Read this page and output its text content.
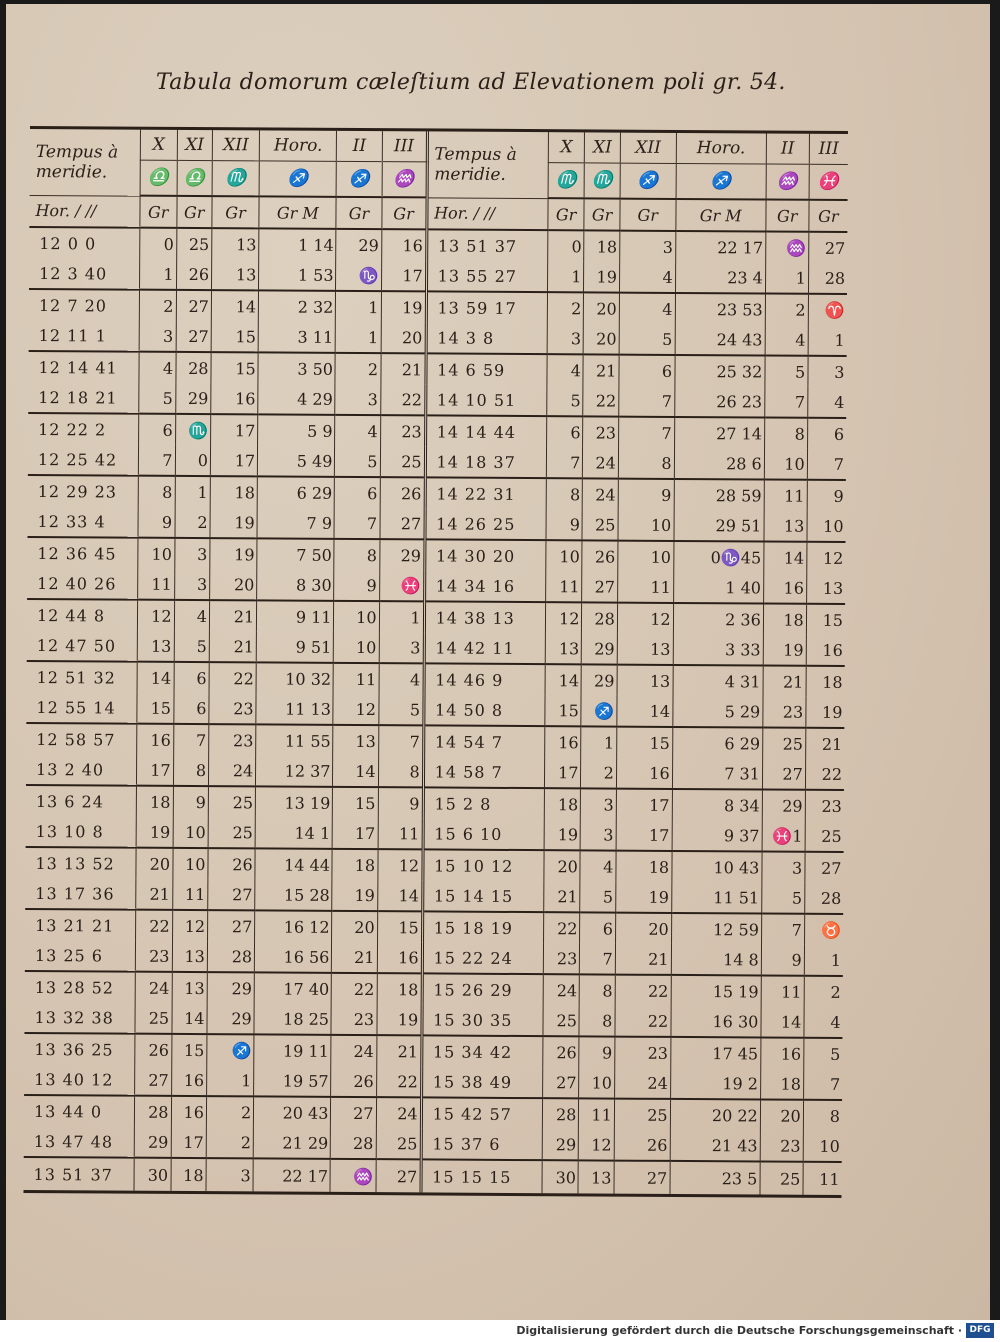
Tabula domorum cæleſtium ad Elevationem poli gr. 54.
Tempus à
meridie.	X	XI	XII	Horo.	II	III	Tempus à
meridie.	X	XI	XII	Horo.	II	III
	♎	♎	♏	♐	♐	♒		♏	♏	♐	♐	♒	♓
Hor. / //	Gr	Gr	Gr	Gr M	Gr	Gr	Hor. / //	Gr	Gr	Gr	Gr M	Gr	Gr
12 0 0	0	25	13	1 14	29	16	13 51 37	0	18	3	22 17	♒	27
12 3 40	1	26	13	1 53	♑	17	13 55 27	1	19	4	23 4	1	28
12 7 20	2	27	14	2 32	1	19	13 59 17	2	20	4	23 53	2	♈
12 11 1	3	27	15	3 11	1	20	14 3 8	3	20	5	24 43	4	1
12 14 41	4	28	15	3 50	2	21	14 6 59	4	21	6	25 32	5	3
12 18 21	5	29	16	4 29	3	22	14 10 51	5	22	7	26 23	7	4
12 22 2	6	♏	17	5 9	4	23	14 14 44	6	23	7	27 14	8	6
12 25 42	7	0	17	5 49	5	25	14 18 37	7	24	8	28 6	10	7
12 29 23	8	1	18	6 29	6	26	14 22 31	8	24	9	28 59	11	9
12 33 4	9	2	19	7 9	7	27	14 26 25	9	25	10	29 51	13	10
12 36 45	10	3	19	7 50	8	29	14 30 20	10	26	10	0♑45	14	12
12 40 26	11	3	20	8 30	9	♓	14 34 16	11	27	11	1 40	16	13
12 44 8	12	4	21	9 11	10	1	14 38 13	12	28	12	2 36	18	15
12 47 50	13	5	21	9 51	10	3	14 42 11	13	29	13	3 33	19	16
12 51 32	14	6	22	10 32	11	4	14 46 9	14	29	13	4 31	21	18
12 55 14	15	6	23	11 13	12	5	14 50 8	15	♐	14	5 29	23	19
12 58 57	16	7	23	11 55	13	7	14 54 7	16	1	15	6 29	25	21
13 2 40	17	8	24	12 37	14	8	14 58 7	17	2	16	7 31	27	22
13 6 24	18	9	25	13 19	15	9	15 2 8	18	3	17	8 34	29	23
13 10 8	19	10	25	14 1	17	11	15 6 10	19	3	17	9 37	♓1	25
13 13 52	20	10	26	14 44	18	12	15 10 12	20	4	18	10 43	3	27
13 17 36	21	11	27	15 28	19	14	15 14 15	21	5	19	11 51	5	28
13 21 21	22	12	27	16 12	20	15	15 18 19	22	6	20	12 59	7	♉
13 25 6	23	13	28	16 56	21	16	15 22 24	23	7	21	14 8	9	1
13 28 52	24	13	29	17 40	22	18	15 26 29	24	8	22	15 19	11	2
13 32 38	25	14	29	18 25	23	19	15 30 35	25	8	22	16 30	14	4
13 36 25	26	15	♐	19 11	24	21	15 34 42	26	9	23	17 45	16	5
13 40 12	27	16	1	19 57	26	22	15 38 49	27	10	24	19 2	18	7
13 44 0	28	16	2	20 43	27	24	15 42 57	28	11	25	20 22	20	8
13 47 48	29	17	2	21 29	28	25	15 37 6	29	12	26	21 43	23	10
13 51 37	30	18	3	22 17	♒	27	15 15 15	30	13	27	23 5	25	11
Digitalisierung gefördert durch die Deutsche Forschungsgemeinschaft · DFG
